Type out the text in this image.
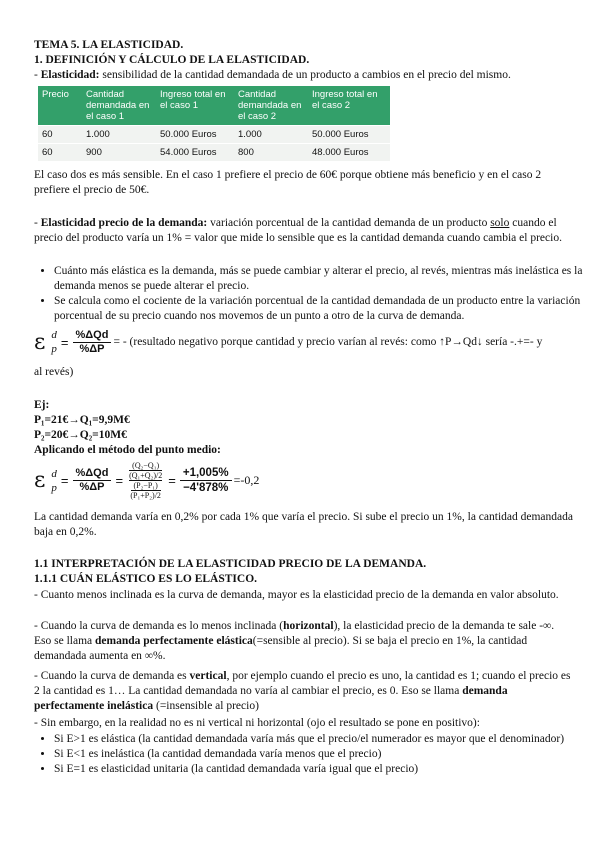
TEMA 5. LA ELASTICIDAD.
1. DEFINICIÓN Y CÁLCULO DE LA ELASTICIDAD.

- Elasticidad: sensibilidad de la cantidad demandada de un producto a cambios en el precio del mismo.

Precio	Cantidad demandada en el caso 1	Ingreso total en el caso 1	Cantidad demandada en el caso 2	Ingreso total en el caso 2
60	1.000	50.000 Euros	1.000	50.000 Euros
60	900	54.000 Euros	800	48.000 Euros

El caso dos es más sensible. En el caso 1 prefiere el precio de 60€ porque obtiene más beneficio y en el caso 2 prefiere el precio de 50€.

- Elasticidad precio de la demanda: variación porcentual de la cantidad demanda de un producto solo cuando el precio del producto varía un 1% = valor que mide lo sensible que es la cantidad demanda cuando cambia el precio.

• Cuánto más elástica es la demanda, más se puede cambiar y alterar el precio, al revés, mientras más inelástica es la demanda menos se puede alterar el precio.
• Se calcula como el cociente de la variación porcentual de la cantidad demandada de un producto entre la variación porcentual de su precio cuando nos movemos de un punto a otro de la curva de demanda.
ε d
$p = \frac{\text{\%ΔQd}}{\%\Delta P}$ = - (resultado negativo porque cantidad y precio varían al revés: como ↑P→Qd↓ sería -.+=- y

al revés)

Ej:
P₁=21€→Q₁=9,9M€
P₂=20€→Q₂=10M€
Aplicando el método del punto medio:
ε d
$p = \frac{\text{\%ΔQd}}{\%\Delta P} = \frac{\frac{\text{(Q₂−Q₁)}}{\text{(Q₁+Q₂)/2}}}{\frac{\text{(P₂−P₁)}}{\text{(P₁+P₂)/2}}} = \frac{+1,005\%}{-4'878\%} =-0,2$

La cantidad demanda varía en 0,2% por cada 1% que varía el precio. Si sube el precio un 1%, la cantidad demandada baja en 0,2%.

1.1 INTERPRETACIÓN DE LA ELASTICIDAD PRECIO DE LA DEMANDA.
1.1.1 CUÁN ELÁSTICO ES LO ELÁSTICO.

- Cuanto menos inclinada es la curva de demanda, mayor es la elasticidad precio de la demanda en valor absoluto.

- Cuando la curva de demanda es lo menos inclinada (horizontal), la elasticidad precio de la demanda te sale -∞. Eso se llama demanda perfectamente elástica(=sensible al precio). Si se baja el precio en 1%, la cantidad demandada aumenta en ∞%.

- Cuando la curva de demanda es vertical, por ejemplo cuando el precio es uno, la cantidad es 1; cuando el precio es 2 la cantidad es 1… La cantidad demandada no varía al cambiar el precio, es 0. Eso se llama demanda perfectamente inelástica (=insensible al precio)

- Sin embargo, en la realidad no es ni vertical ni horizontal (ojo el resultado se pone en positivo):

• Si E>1 es elástica (la cantidad demandada varía más que el precio/el numerador es mayor que el denominador)
• Si E<1 es inelástica (la cantidad demandada varía menos que el precio)
• Si E=1 es elasticidad unitaria (la cantidad demandada varía igual que el precio)
